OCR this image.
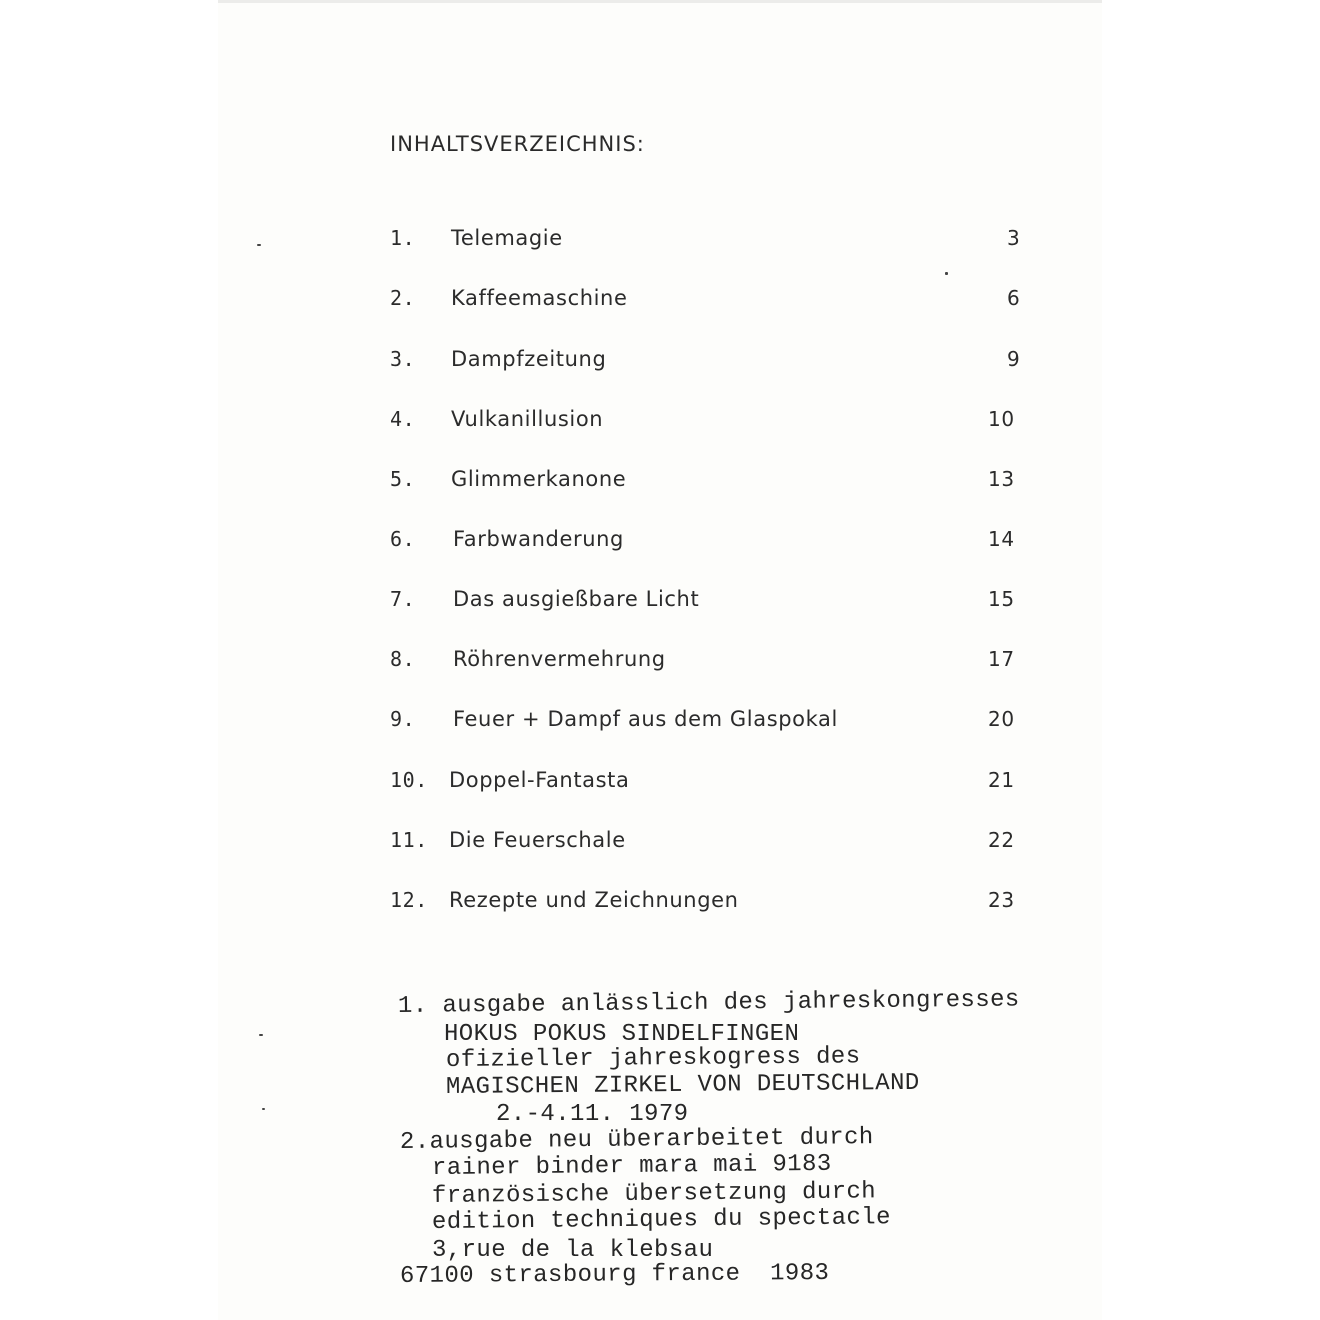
INHALTSVERZEICHNIS:
1. Telemagie	3
2. Kaffeemaschine	6
3. Dampfzeitung	9
4. Vulkanillusion	10
5. Glimmerkanone	13
6. Farbwanderung	14
7. Das ausgießbare Licht	15
8. Röhrenvermehrung	17
9. Feuer + Dampf aus dem Glaspokal	20
10. Doppel-Fantasta	21
11. Die Feuerschale	22
12. Rezepte und Zeichnungen	23
1. ausgabe anlässlich des jahreskongresses
HOKUS POKUS SINDELFINGEN
ofizieller jahreskogress des
MAGISCHEN ZIRKEL VON DEUTSCHLAND
2.-4.11. 1979
2.ausgabe neu überarbeitet durch
rainer binder mara mai 9183
französische übersetzung durch
edition techniques du spectacle
3,rue de la klebsau
67100 strasbourg france  1983
